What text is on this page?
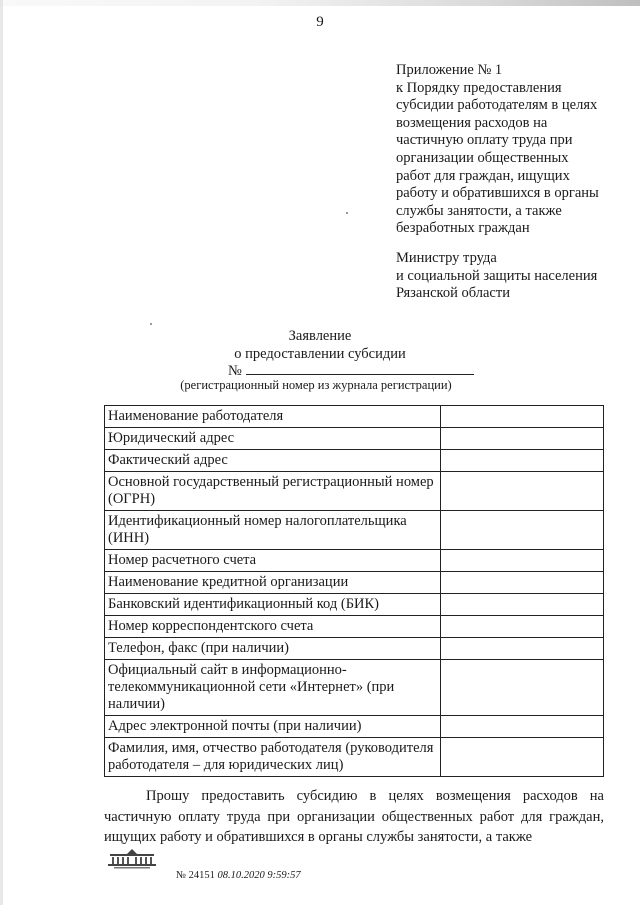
9

Приложение № 1

к Порядку предоставления

субсидии работодателям в целях

возмещения расходов на

частичную оплату труда при

организации общественных

работ для граждан, ищущих

работу и обратившихся в органы

службы занятости, а также

безработных граждан

Министру труда

и социальной защиты населения

Рязанской области

Заявление

о предоставлении субсидии

№
(регистрационный номер из журнала регистрации)
Наименование работодателя	
Юридический адрес	
Фактический адрес	
Основной государственный регистрационный номер (ОГРН)	
Идентификационный номер налогоплательщика (ИНН)	
Номер расчетного счета	
Наименование кредитной организации	
Банковский идентификационный код (БИК)	
Номер корреспондентского счета	
Телефон, факс (при наличии)	
Официальный сайт в информационно-телекоммуникационной сети «Интернет» (при наличии)	
Адрес электронной почты (при наличии)	
Фамилия, имя, отчество работодателя (руководителя работодателя – для юридических лиц)	

Прошу предоставить субсидию в целях возмещения расходов на частичную оплату труда при организации общественных работ для граждан, ищущих работу и обратившихся в органы службы занятости, а также

№ 24151 08.10.2020 9:59:57
